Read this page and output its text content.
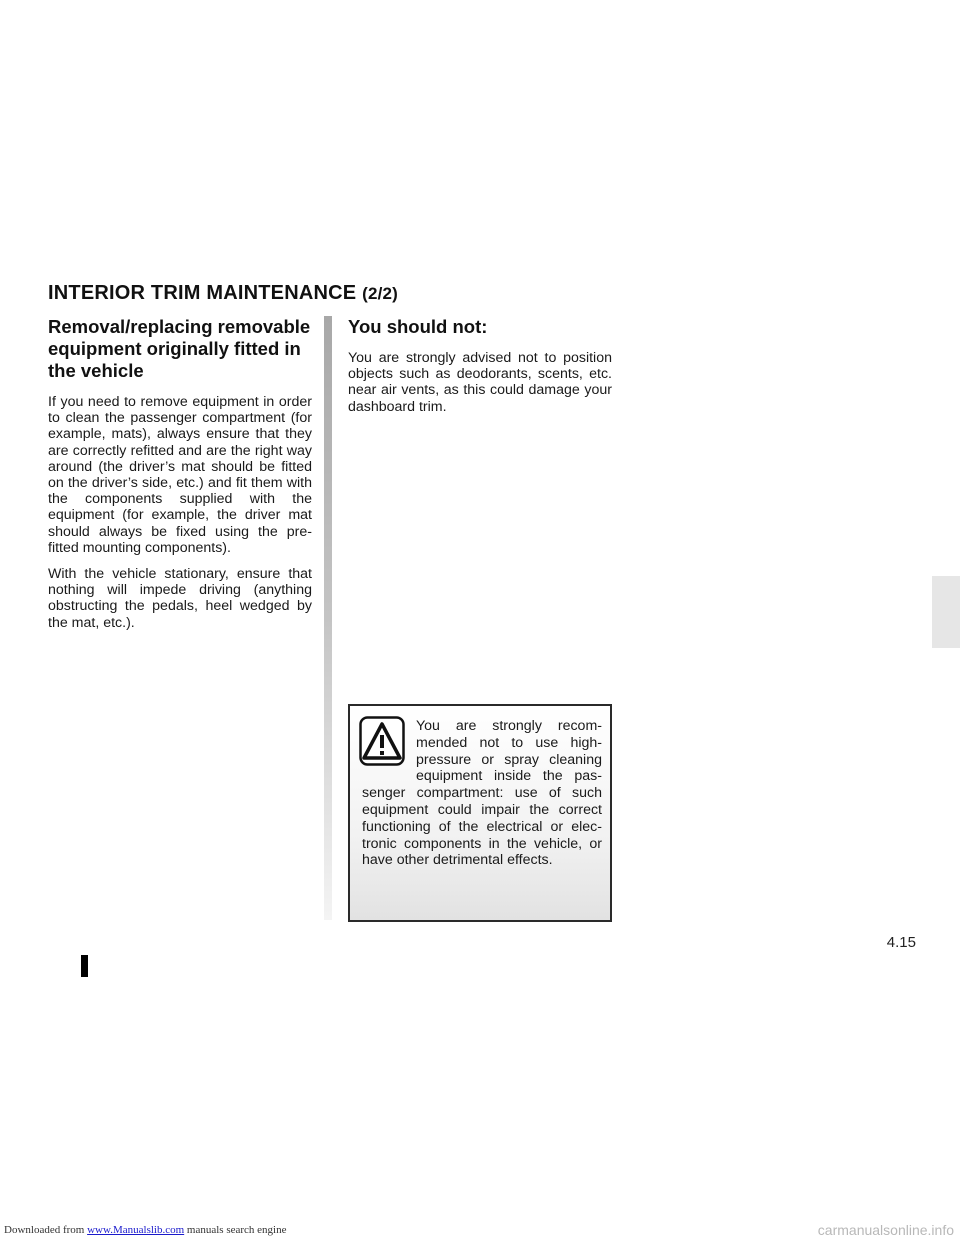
INTERIOR TRIM MAINTENANCE (2/2)
Removal/replacing removable equipment originally fitted in the vehicle

If you need to remove equipment in order to clean the passenger compartment (for example, mats), always ensure that they are correctly refitted and are the right way around (the driver’s mat should be fitted on the driver’s side, etc.) and fit them with the components supplied with the equipment (for example, the driver mat should always be fixed using the pre-fitted mounting components).

With the vehicle stationary, ensure that nothing will impede driving (anything obstructing the pedals, heel wedged by the mat, etc.).

You should not:

You are strongly advised not to position objects such as deodorants, scents, etc. near air vents, as this could damage your dashboard trim.

You are strongly recommended not to use high-pressure or spray cleaning equipment inside the passenger compartment: use of such equipment could impair the correct functioning of the electrical or electronic components in the vehicle, or have other detrimental effects.

4.15
Downloaded from www.Manualslib.com manuals search engine	carmanualsonline.info
